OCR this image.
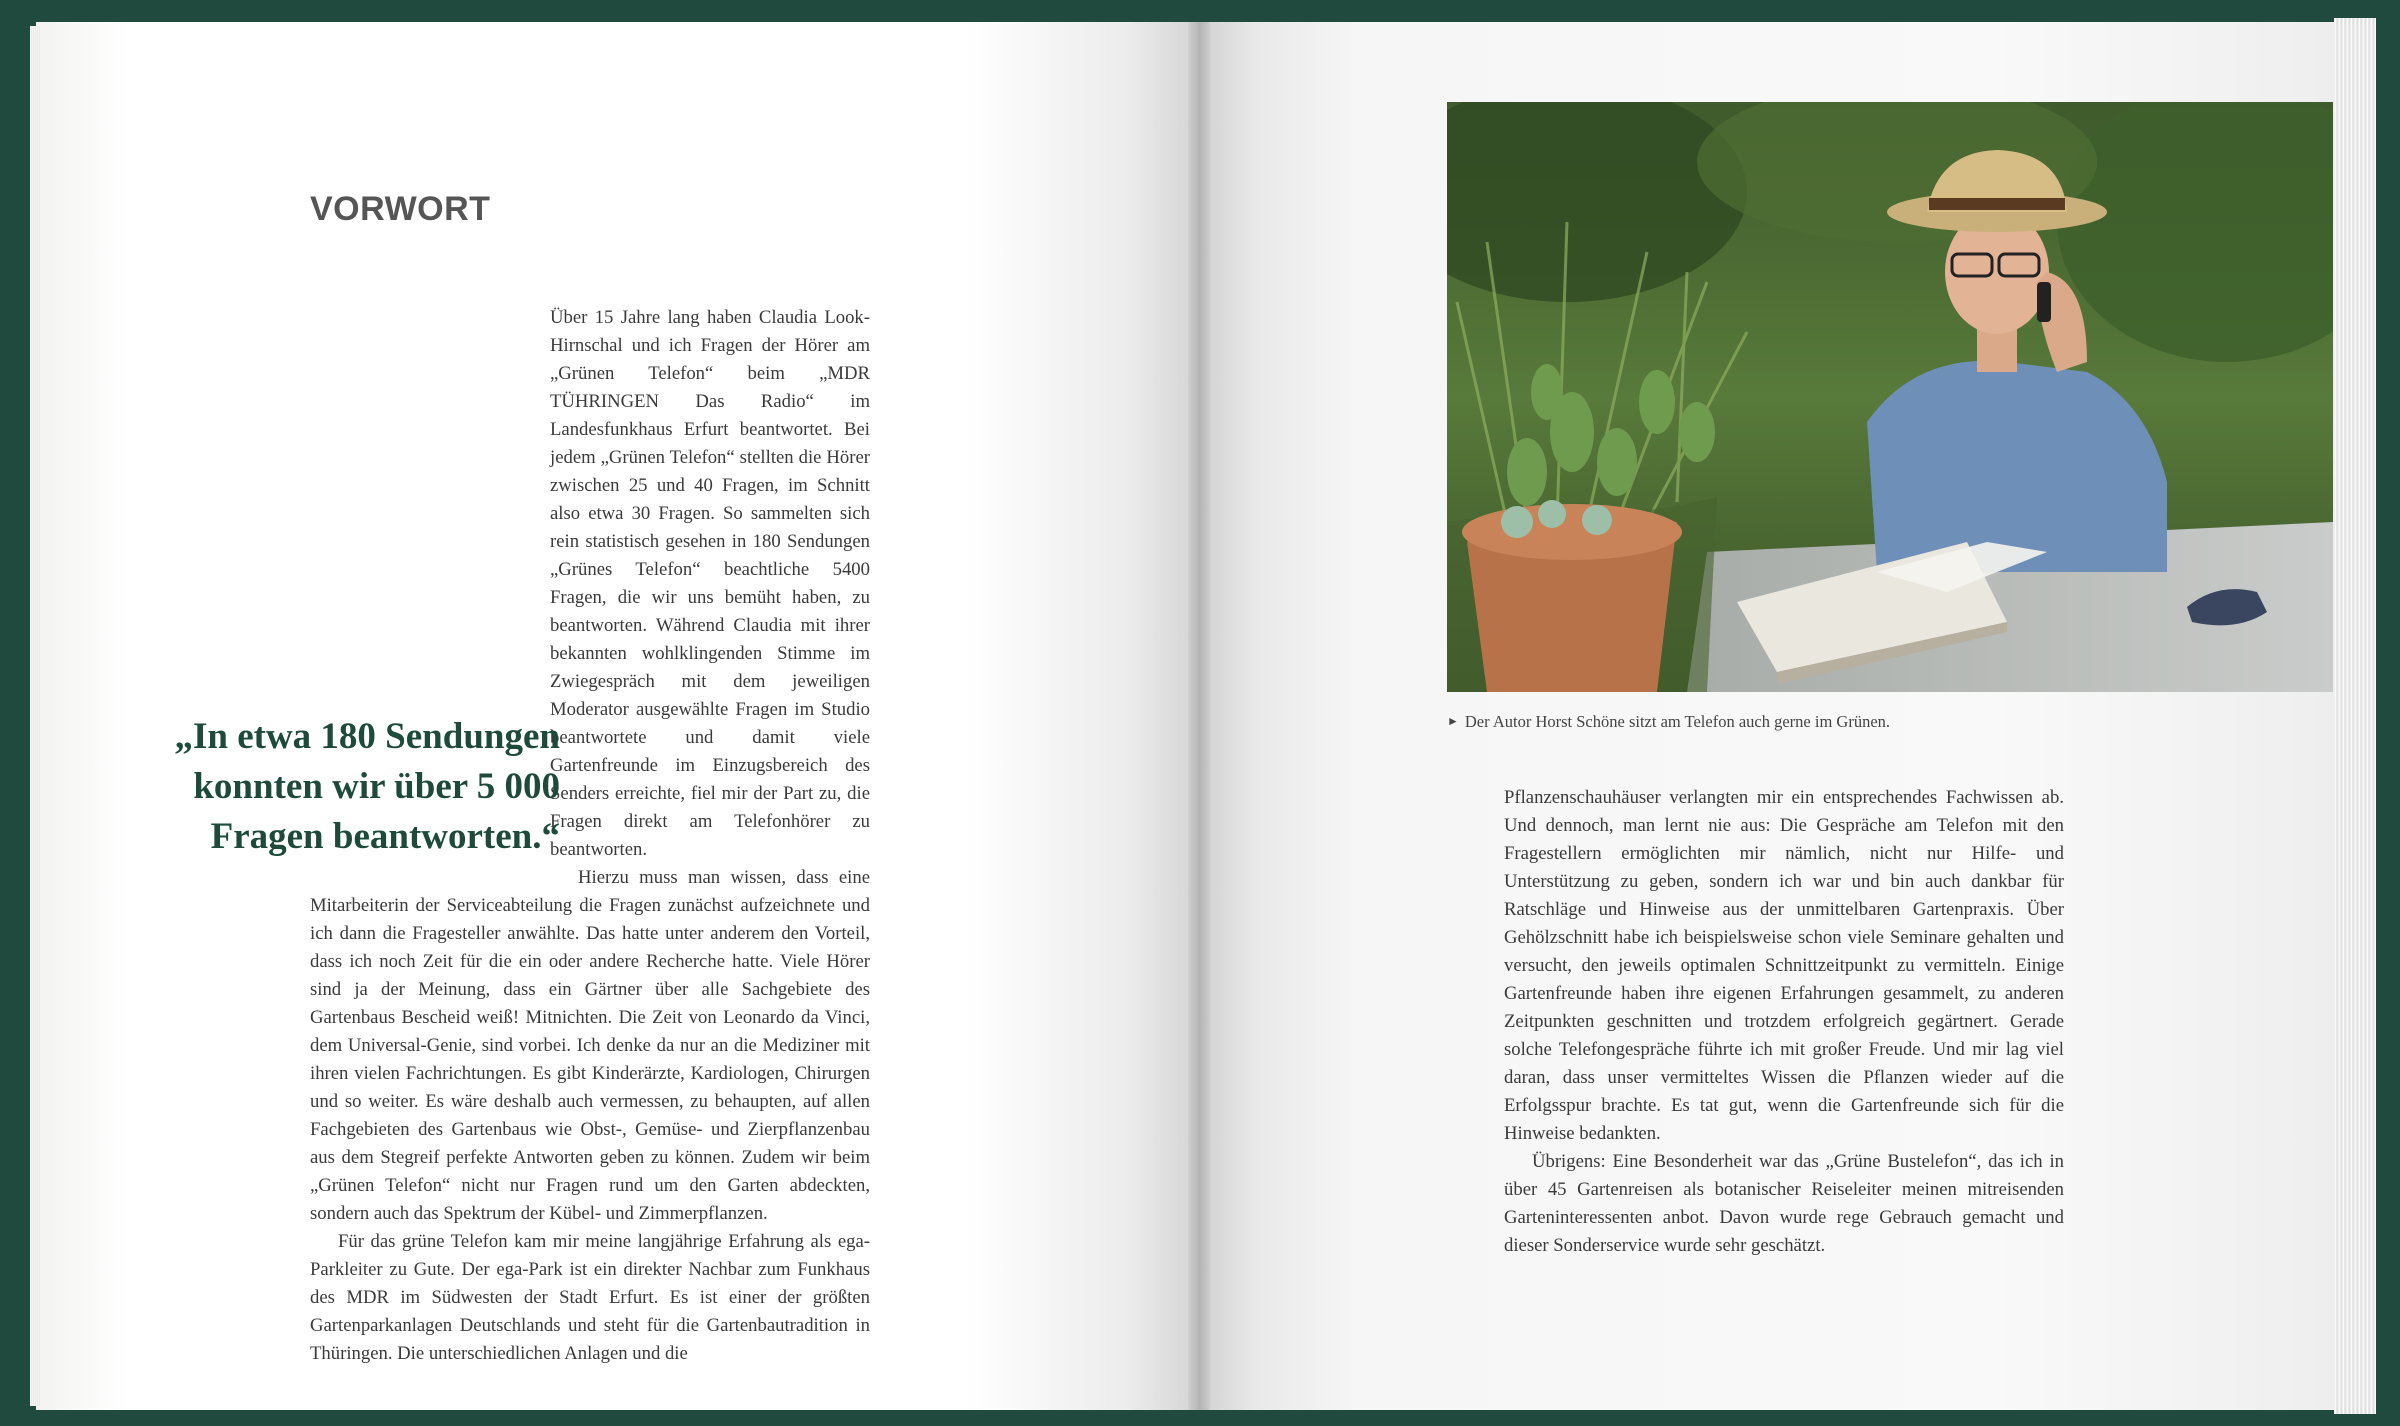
VORWORT

Über 15 Jahre lang haben Claudia Look-Hirnschal und ich Fragen der Hörer am „Grünen Telefon“ beim „MDR TÜHRINGEN Das Radio“ im Landesfunkhaus Erfurt beantwortet. Bei jedem „Grünen Telefon“ stellten die Hörer zwischen 25 und 40 Fragen, im Schnitt also etwa 30 Fragen. So sammelten sich rein statistisch gesehen in 180 Sendungen „Grünes Telefon“ beachtliche 5400 Fragen, die wir uns bemüht haben, zu beantworten. Während Claudia mit ihrer bekannten wohlklingenden Stimme im Zwiegespräch mit dem jeweiligen Moderator ausgewählte Fragen im Studio beantwortete und damit viele Gartenfreunde im Einzugsbereich des Senders erreichte, fiel mir der Part zu, die Fragen direkt am Telefonhörer zu beantworten.

Hierzu muss man wissen, dass eine Mitarbeiterin der Serviceabteilung die Fragen zunächst aufzeichnete und ich dann die Fragesteller anwählte. Das hatte unter anderem den Vorteil, dass ich noch Zeit für die ein oder andere Recherche hatte. Viele Hörer sind ja der Meinung, dass ein Gärtner über alle Sachgebiete des Gartenbaus Bescheid weiß! Mitnichten. Die Zeit von Leonardo da Vinci, dem Universal-Genie, sind vorbei. Ich denke da nur an die Mediziner mit ihren vielen Fachrichtungen. Es gibt Kinderärzte, Kardiologen, Chirurgen und so weiter. Es wäre deshalb auch vermessen, zu behaupten, auf allen Fachgebieten des Gartenbaus wie Obst-, Gemüse- und Zierpflanzenbau aus dem Stegreif perfekte Antworten geben zu können. Zudem wir beim „Grünen Telefon“ nicht nur Fragen rund um den Garten abdeckten, sondern auch das Spektrum der Kübel- und Zimmerpflanzen.

Für das grüne Telefon kam mir meine langjährige Erfahrung als ega-Parkleiter zu Gute. Der ega-Park ist ein direkter Nachbar zum Funkhaus des MDR im Südwesten der Stadt Erfurt. Es ist einer der größten Gartenparkanlagen Deutschlands und steht für die Gartenbautradition in Thüringen. Die unterschiedlichen Anlagen und die

„In etwa 180 Sendungen konnten wir über 5 000 Fragen beantworten.“

► Der Autor Horst Schöne sitzt am Telefon auch gerne im Grünen.

Pflanzenschauhäuser verlangten mir ein entsprechendes Fachwissen ab. Und dennoch, man lernt nie aus: Die Gespräche am Telefon mit den Fragestellern ermöglichten mir nämlich, nicht nur Hilfe- und Unterstützung zu geben, sondern ich war und bin auch dankbar für Ratschläge und Hinweise aus der unmittelbaren Gartenpraxis. Über Gehölzschnitt habe ich beispielsweise schon viele Seminare gehalten und versucht, den jeweils optimalen Schnittzeitpunkt zu vermitteln. Einige Gartenfreunde haben ihre eigenen Erfahrungen gesammelt, zu anderen Zeitpunkten geschnitten und trotzdem erfolgreich gegärtnert. Gerade solche Telefongespräche führte ich mit großer Freude. Und mir lag viel daran, dass unser vermitteltes Wissen die Pflanzen wieder auf die Erfolgsspur brachte. Es tat gut, wenn die Gartenfreunde sich für die Hinweise bedankten.

Übrigens: Eine Besonderheit war das „Grüne Bustelefon“, das ich in über 45 Gartenreisen als botanischer Reiseleiter meinen mitreisenden Garteninteressenten anbot. Davon wurde rege Gebrauch gemacht und dieser Sonderservice wurde sehr geschätzt.
